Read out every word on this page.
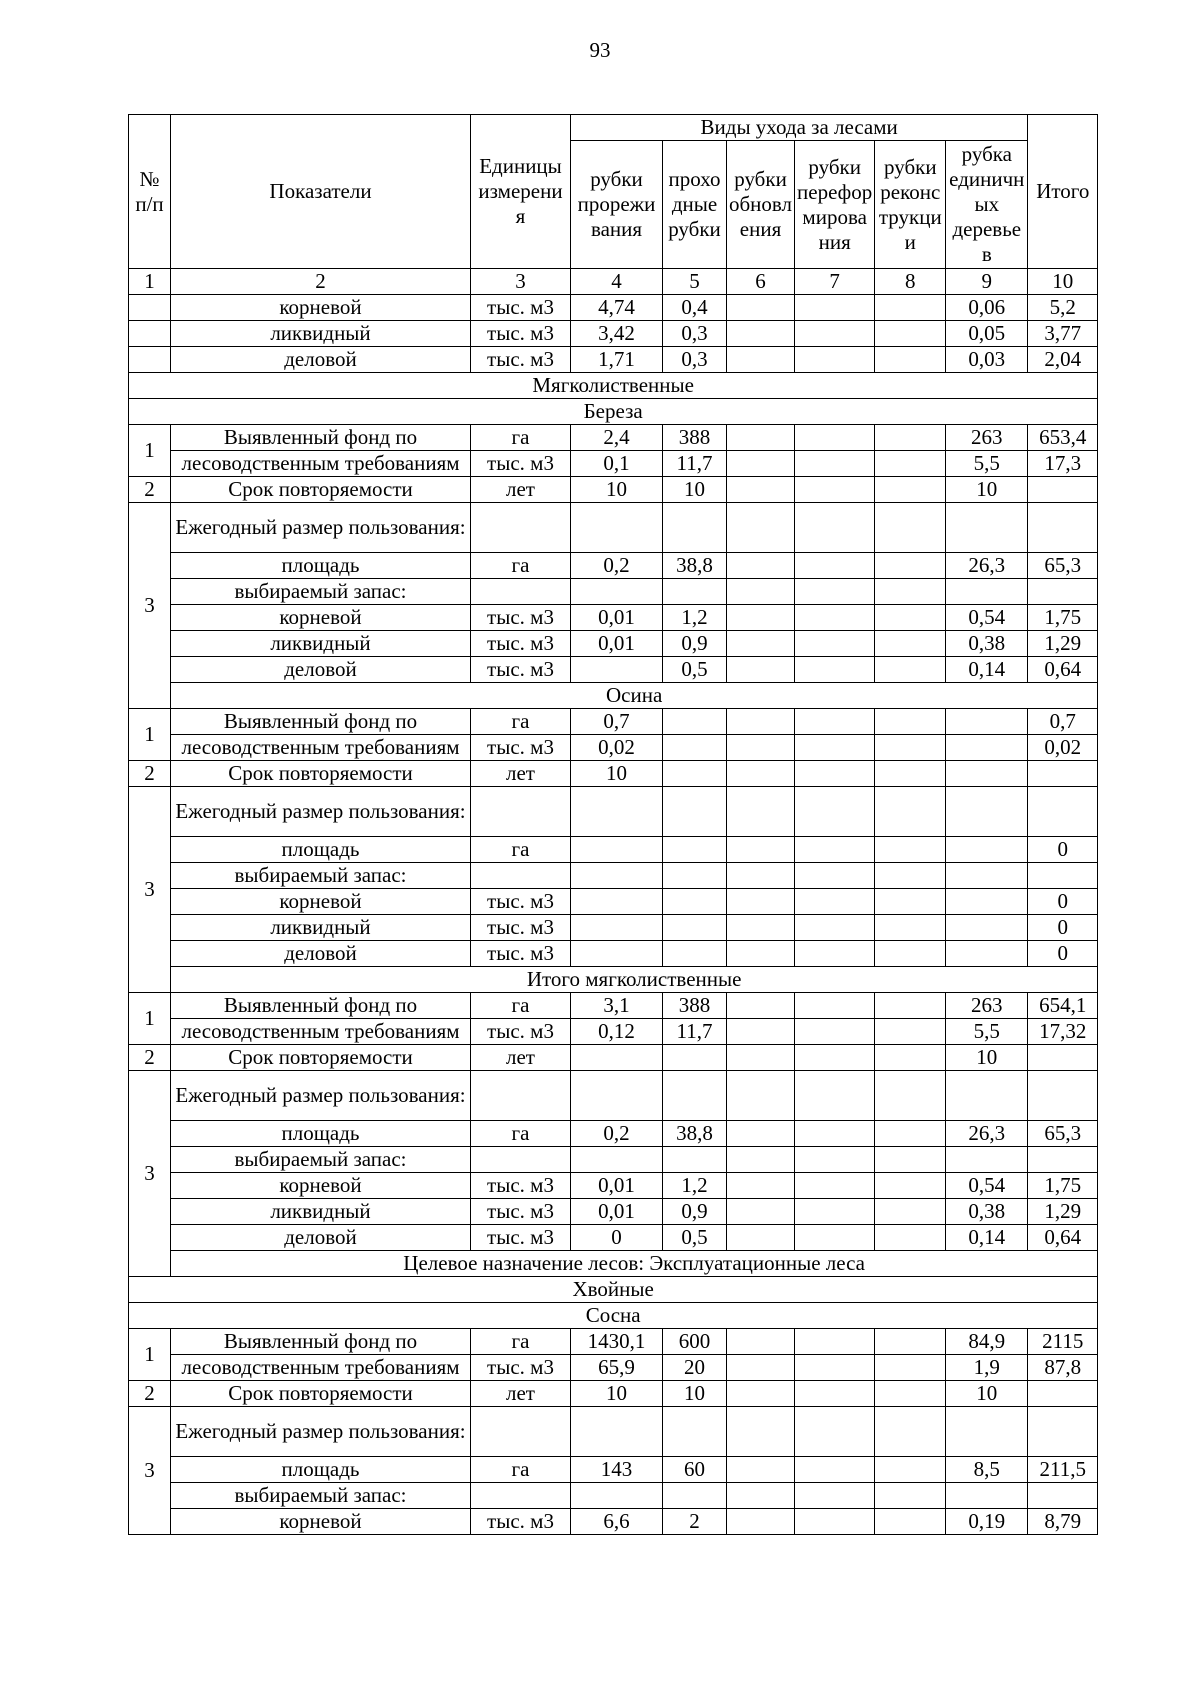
93
№ п/п	Показатели	Единицы измерени я	Виды ухода за лесами						Итого
			рубки прорежи вания	прохо дные рубки	рубки обновл ения	рубки перефор мирова ния	рубки реконс трукци и	рубка единичн ых деревье в	
1	2	3	4	5	6	7	8	9	10
	корневой	тыс. м3	4,74	0,4				0,06	5,2
	ликвидный	тыс. м3	3,42	0,3				0,05	3,77
	деловой	тыс. м3	1,71	0,3				0,03	2,04
Мягколиственные									
Береза									
1	Выявленный фонд по	га	2,4	388				263	653,4
	лесоводственным требованиям	тыс. м3	0,1	11,7				5,5	17,3
2	Срок повторяемости	лет	10	10				10	
3	Ежегодный размер пользования:								
	площадь	га	0,2	38,8				26,3	65,3
	выбираемый запас:								
	корневой	тыс. м3	0,01	1,2				0,54	1,75
	ликвидный	тыс. м3	0,01	0,9				0,38	1,29
	деловой	тыс. м3		0,5				0,14	0,64
	Осина								
1	Выявленный фонд по	га	0,7						0,7
	лесоводственным требованиям	тыс. м3	0,02						0,02
2	Срок повторяемости	лет	10						
3	Ежегодный размер пользования:								
	площадь	га							0
	выбираемый запас:								
	корневой	тыс. м3							0
	ликвидный	тыс. м3							0
	деловой	тыс. м3							0
	Итого мягколиственные								
1	Выявленный фонд по	га	3,1	388				263	654,1
	лесоводственным требованиям	тыс. м3	0,12	11,7				5,5	17,32
2	Срок повторяемости	лет						10	
3	Ежегодный размер пользования:								
	площадь	га	0,2	38,8				26,3	65,3
	выбираемый запас:								
	корневой	тыс. м3	0,01	1,2				0,54	1,75
	ликвидный	тыс. м3	0,01	0,9				0,38	1,29
	деловой	тыс. м3	0	0,5				0,14	0,64
	Целевое назначение лесов: Эксплуатационные леса								
Хвойные									
Сосна									
1	Выявленный фонд по	га	1430,1	600				84,9	2115
	лесоводственным требованиям	тыс. м3	65,9	20				1,9	87,8
2	Срок повторяемости	лет	10	10				10	
3	Ежегодный размер пользования:								
	площадь	га	143	60				8,5	211,5
	выбираемый запас:								
	корневой	тыс. м3	6,6	2				0,19	8,79
